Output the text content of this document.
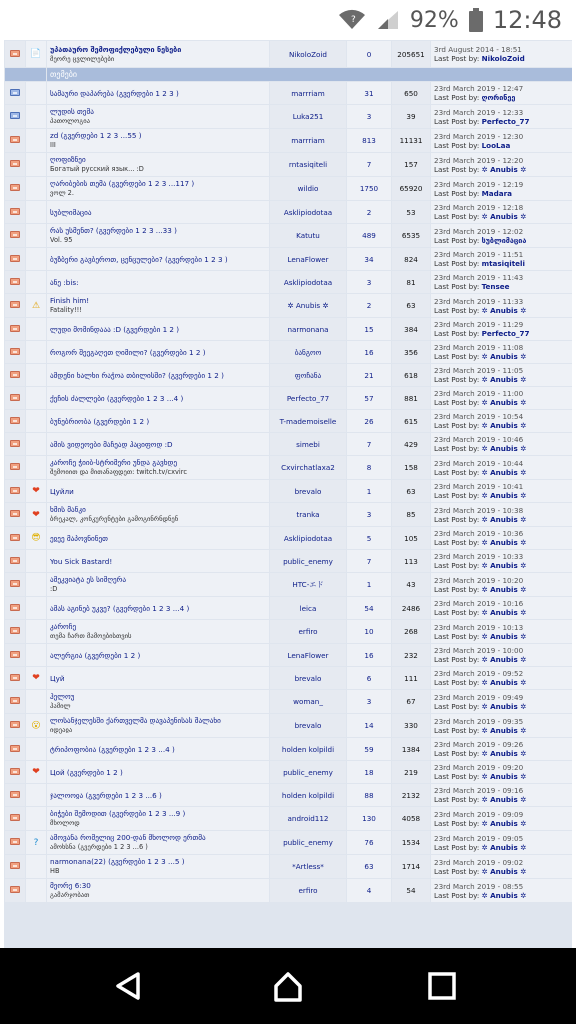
? 92% 12:48
	📄	უპათაურო შემოფიქლებული ნესები
მეორე ცვლილებები	NikoloZoid	0	205651	3rd August 2014 - 18:51
Last Post by: NikoloZoid
		თემები				
		სამაური დაპარება (გვერდები 1 2 3 )	marrriam	31	650	23rd March 2019 - 12:47
Last Post by: ღორინეე
		ლუდის თემა
პათოლოგია	Luka251	3	39	23rd March 2019 - 12:33
Last Post by: Perfecto_77
		zd (გვერდები 1 2 3 ...55 )
III	marrriam	813	11131	23rd March 2019 - 12:30
Last Post by: LooLaa
		ღოფიზნეი
Богатый русский язык... :D	rntasiqiteli	7	157	23rd March 2019 - 12:20
Last Post by: ✲ Anubis ✲
		ღარიბების თემა (გვერდები 1 2 3 ...117 )
ვოლ 2.	wildio	1750	65920	23rd March 2019 - 12:19
Last Post by: Madara
		სუბლიმაცია	Asklipiodotaa	2	53	23rd March 2019 - 12:18
Last Post by: ✲ Anubis ✲
		რას უსმენთ? (გვერდები 1 2 3 ...33 )
Vol. 95	Katutu	489	6535	23rd March 2019 - 12:02
Last Post by: სუბლიმაცია
		ბუზბერი გავბეროთ, ცენცულები? (გვერდები 1 2 3 )	LenaFlower	34	824	23rd March 2019 - 11:51
Last Post by: mtasiqiteli
		ანე :bis:	Asklipiodotaa	3	81	23rd March 2019 - 11:43
Last Post by: Tensee
	⚠	Finish him!
Fatality!!!	✲ Anubis ✲	2	63	23rd March 2019 - 11:33
Last Post by: ✲ Anubis ✲
		ლუდი მომინდააა :D (გვერდები 1 2 )	narmonana	15	384	23rd March 2019 - 11:29
Last Post by: Perfecto_77
		როგორ შეეგაღეთ ღიმილი? (გვერდები 1 2 )	ბანგოო	16	356	23rd March 2019 - 11:08
Last Post by: ✲ Anubis ✲
		ამდენი ხალხი რაჭოა თბილისში? (გვერდები 1 2 )	ფოჩანა	21	618	23rd March 2019 - 11:05
Last Post by: ✲ Anubis ✲
		ქეჩის ძალლები (გვერდები 1 2 3 ...4 )	Perfecto_77	57	881	23rd March 2019 - 11:00
Last Post by: ✲ Anubis ✲
		ბუნებრიობა (გვერდები 1 2 )	T-mademoiselle	26	615	23rd March 2019 - 10:54
Last Post by: ✲ Anubis ✲
		ამის ვიდეოები მაჩეად ჰაციფოდ :D	simebi	7	429	23rd March 2019 - 10:46
Last Post by: ✲ Anubis ✲
		კაროჩე ჭიიბ-სტრიმერი უნდა გავხდე
შემოიით და მითანაფდეთ: twitch.tv/cxvirc	Cxvirchatlaxa2	8	158	23rd March 2019 - 10:44
Last Post by: ✲ Anubis ✲
	❤	Цуйли	brevalo	1	63	23rd March 2019 - 10:41
Last Post by: ✲ Anubis ✲
	❤	ხმის მანკი
ბრეკალ, კონკურენტები გამოგინრნდნენ	tranka	3	85	23rd March 2019 - 10:38
Last Post by: ✲ Anubis ✲
	😎	ეჲეე მაპოვნინეთ	Asklipiodotaa	5	105	23rd March 2019 - 10:36
Last Post by: ✲ Anubis ✲
		You Sick Bastard!	public_enemy	7	113	23rd March 2019 - 10:33
Last Post by: ✲ Anubis ✲
		ამეკვიატა ეს სიმღერა
:D	HTC-エド	1	43	23rd March 2019 - 10:20
Last Post by: ✲ Anubis ✲
		ამას აგინებ უკვე? (გვერდები 1 2 3 ...4 )	leica	54	2486	23rd March 2019 - 10:16
Last Post by: ✲ Anubis ✲
		კაროჩე
თემა ჩართ მამოებისთვის	erfiro	10	268	23rd March 2019 - 10:13
Last Post by: ✲ Anubis ✲
		ალერგია (გვერდები 1 2 )	LenaFlower	16	232	23rd March 2019 - 10:00
Last Post by: ✲ Anubis ✲
	❤	Цуй	brevalo	6	111	23rd March 2019 - 09:52
Last Post by: ✲ Anubis ✲
		ჰელოუ
ჰამილ	woman_	3	67	23rd March 2019 - 09:49
Last Post by: ✲ Anubis ✲
	😮	ლოსანჯელესში ქართველმა დავაპენისას შალახი
იდეაჲა	brevalo	14	330	23rd March 2019 - 09:35
Last Post by: ✲ Anubis ✲
		ტრიპოფობია (გვერდები 1 2 3 ...4 )	holden kolpildi	59	1384	23rd March 2019 - 09:26
Last Post by: ✲ Anubis ✲
	❤	Цой (გვერდები 1 2 )	public_enemy	18	219	23rd March 2019 - 09:20
Last Post by: ✲ Anubis ✲
		ჯალოოჲა (გვერდები 1 2 3 ...6 )	holden kolpildi	88	2132	23rd March 2019 - 09:16
Last Post by: ✲ Anubis ✲
		ბიჭები შემოდით (გვერდები 1 2 3 ...9 )
მხოლოდ	android112	130	4058	23rd March 2019 - 09:09
Last Post by: ✲ Anubis ✲
	?	ამოვანა რომელიც 200-დან მხოლოდ ერთმა
ამოხსნა (გვერდები 1 2 3 ...6 )	public_enemy	76	1534	23rd March 2019 - 09:05
Last Post by: ✲ Anubis ✲
		narmonana(22) (გვერდები 1 2 3 ...5 )
HB	*Artless*	63	1714	23rd March 2019 - 09:02
Last Post by: ✲ Anubis ✲
		მეორე 6:30
გამარჯობათ	erfiro	4	54	23rd March 2019 - 08:55
Last Post by: ✲ Anubis ✲
